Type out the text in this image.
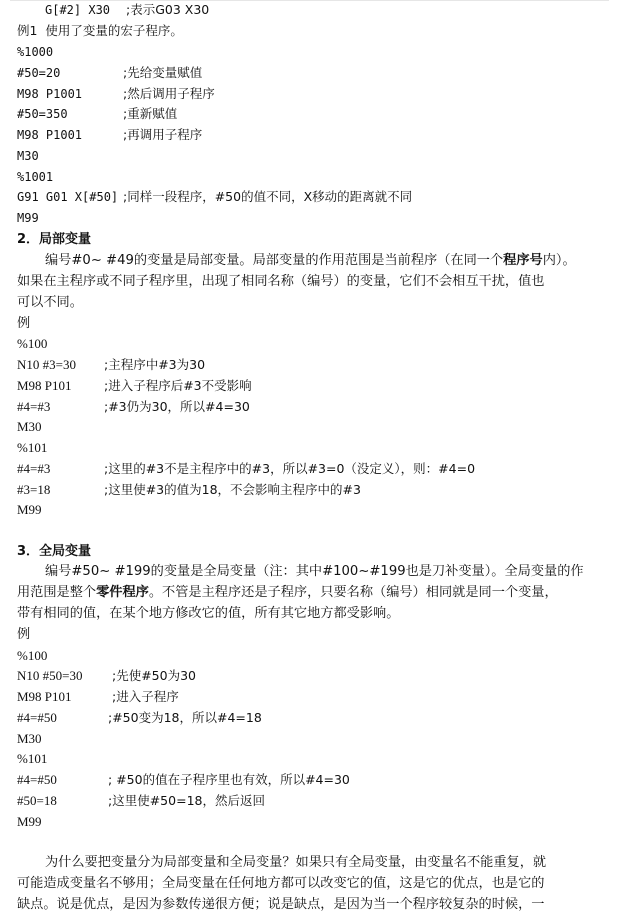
G[#2] X30 ;表示G03 X30
例1  使用了变量的宏子程序。
%1000
#50=20	;先给变量赋值
M98 P1001	;然后调用子程序
#50=350	;重新赋值
M98 P1001	;再调用子程序
M30
%1001
G91 G01 X[#50] ;同样一段程序，#50的值不同，X移动的距离就不同
M99
2．局部变量
编号#0~ #49的变量是局部变量。局部变量的作用范围是当前程序（在同一个程序号内）。
如果在主程序或不同子程序里，出现了相同名称（编号）的变量，它们不会相互干扰，值也
可以不同。
例
%100
N10 #3=30 ;主程序中#3为30
M98 P101	;进入子程序后#3不受影响
#4=#3	;#3仍为30，所以#4=30
M30
%101
#4=#3	;这里的#3不是主程序中的#3，所以#3=0（没定义），则：#4=0
#3=18	;这里使#3的值为18，不会影响主程序中的#3
M99
3．全局变量
编号#50~ #199的变量是全局变量（注：其中#100~#199也是刀补变量）。全局变量的作
用范围是整个零件程序。不管是主程序还是子程序，只要名称（编号）相同就是同一个变量，
带有相同的值，在某个地方修改它的值，所有其它地方都受影响。
例
%100
N10 #50=30 ;先使#50为30
M98 P101	;进入子程序
#4=#50	;#50变为18，所以#4=18
M30
%101
#4=#50	; #50的值在子程序里也有效，所以#4=30
#50=18	;这里使#50=18，然后返回
M99
为什么要把变量分为局部变量和全局变量？如果只有全局变量，由变量名不能重复，就
可能造成变量名不够用；全局变量在任何地方都可以改变它的值，这是它的优点，也是它的
缺点。说是优点，是因为参数传递很方便；说是缺点，是因为当一个程序较复杂的时候，一
